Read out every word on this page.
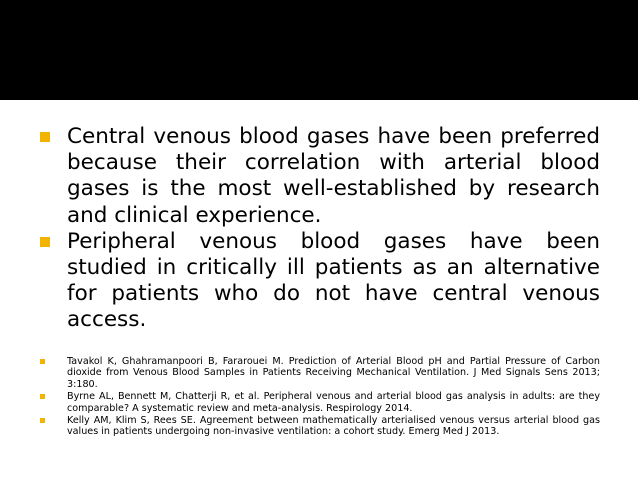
Central venous blood gases have been preferred because their correlation with arterial blood gases is the most well-established by research and clinical experience.
Peripheral venous blood gases have been studied in critically ill patients as an alternative for patients who do not have central venous access.
Tavakol K, Ghahramanpoori B, Fararouei M. Prediction of Arterial Blood pH and Partial Pressure of Carbon dioxide from Venous Blood Samples in Patients Receiving Mechanical Ventilation. J Med Signals Sens 2013; 3:180.
Byrne AL, Bennett M, Chatterji R, et al. Peripheral venous and arterial blood gas analysis in adults: are they comparable? A systematic review and meta-analysis. Respirology 2014.
Kelly AM, Klim S, Rees SE. Agreement between mathematically arterialised venous versus arterial blood gas values in patients undergoing non-invasive ventilation: a cohort study. Emerg Med J 2013.
